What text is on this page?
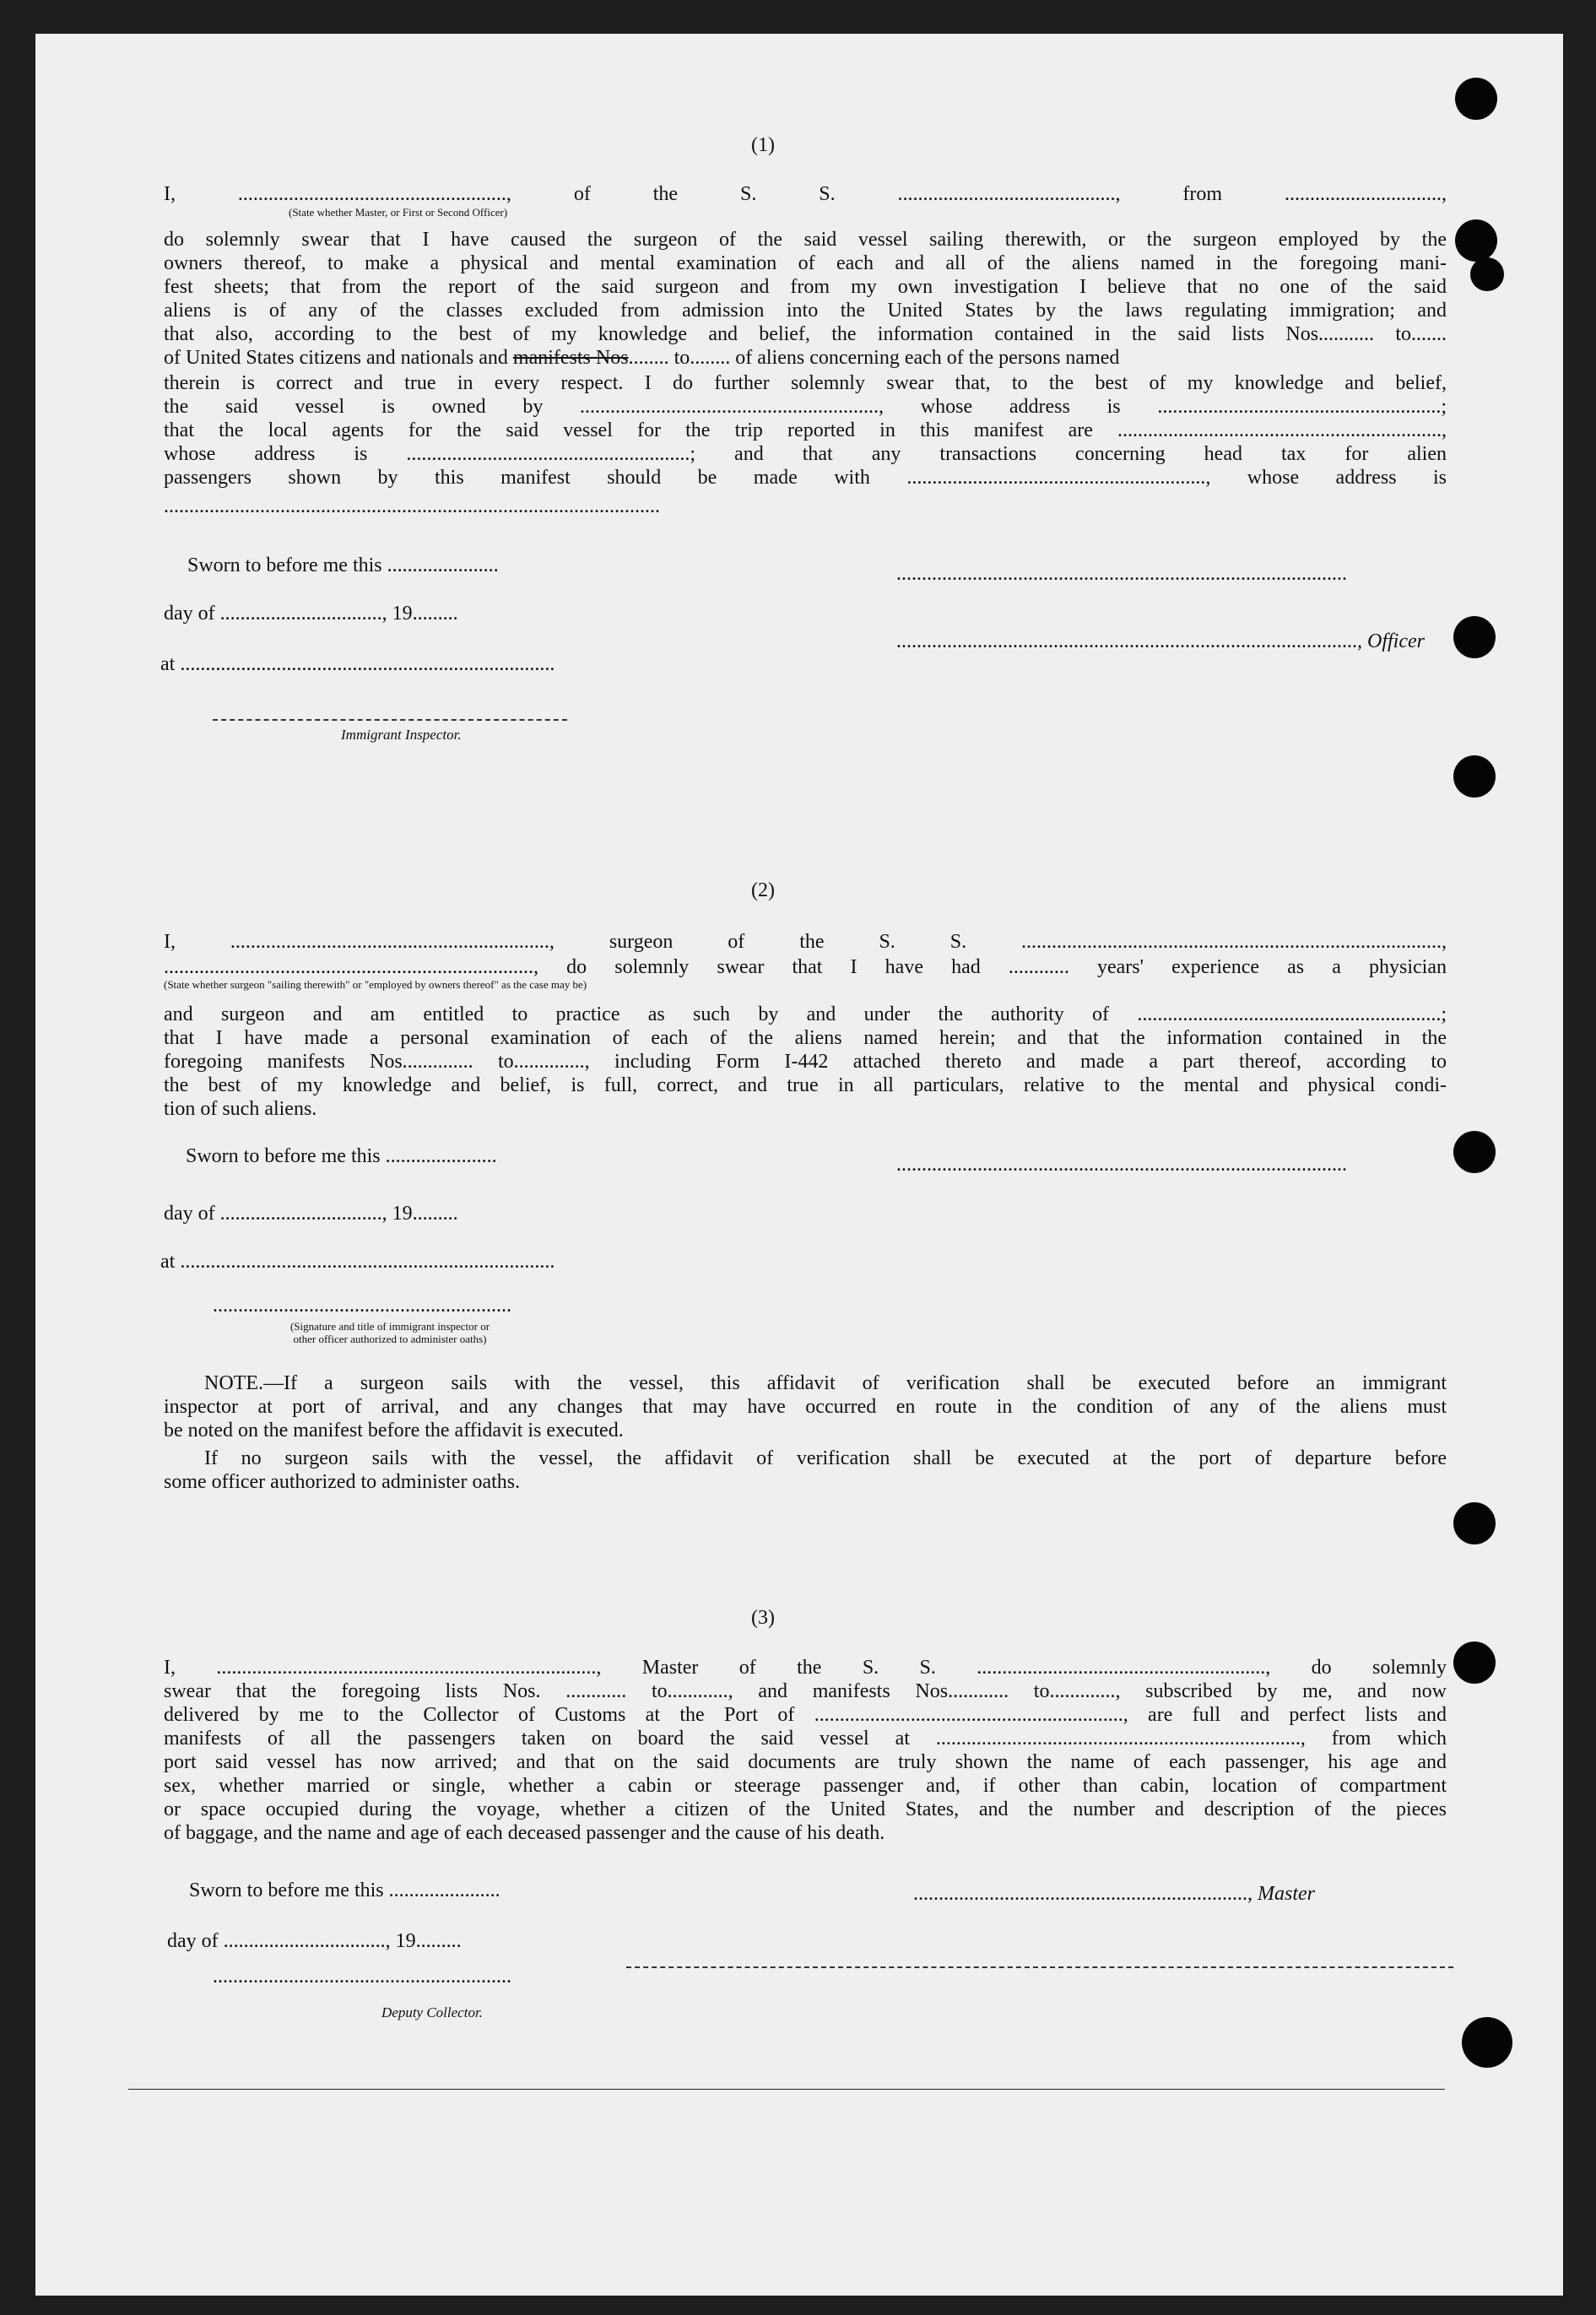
(1)
I, ....................................................., of the S. S. ..........................................., from ...............................,
(State whether Master, or First or Second Officer)
do solemnly swear that I have caused the surgeon of the said vessel sailing therewith, or the surgeon employed by the
owners thereof, to make a physical and mental examination of each and all of the aliens named in the foregoing mani-
fest sheets; that from the report of the said surgeon and from my own investigation I believe that no one of the said
aliens is of any of the classes excluded from admission into the United States by the laws regulating immigration; and
that also, according to the best of my knowledge and belief, the information contained in the said lists Nos........... to.......
of United States citizens and nationals and manifests Nos........ to........ of aliens concerning each of the persons named
therein is correct and true in every respect. I do further solemnly swear that, to the best of my knowledge and belief,
the said vessel is owned by ..........................................................., whose address is ........................................................;
that the local agents for the said vessel for the trip reported in this manifest are ................................................................,
whose address is ........................................................; and that any transactions concerning head tax for alien
passengers shown by this manifest should be made with ..........................................................., whose address is
..................................................................................................
Sworn to before me this ......................	.........................................................................................
day of ................................, 19.........
..........................................................................................., Officer
at ..........................................................................
Immigrant Inspector.
(2)
I, ..............................................................., surgeon of the S. S. ...................................................................................,
........................................................................., do solemnly swear that I have had ............ years' experience as a physician
(State whether surgeon "sailing therewith" or "employed by owners thereof" as the case may be)
and surgeon and am entitled to practice as such by and under the authority of ............................................................;
that I have made a personal examination of each of the aliens named herein; and that the information contained in the
foregoing manifests Nos.............. to.............., including Form I-442 attached thereto and made a part thereof, according to
the best of my knowledge and belief, is full, correct, and true in all particulars, relative to the mental and physical condi-
tion of such aliens.
Sworn to before me this ......................	.........................................................................................
day of ................................, 19.........
at ..........................................................................
...........................................................
(Signature and title of immigrant inspector or
other officer authorized to administer oaths)
NOTE.—If a surgeon sails with the vessel, this affidavit of verification shall be executed before an immigrant
inspector at port of arrival, and any changes that may have occurred en route in the condition of any of the aliens must
be noted on the manifest before the affidavit is executed.
If no surgeon sails with the vessel, the affidavit of verification shall be executed at the port of departure before
some officer authorized to administer oaths.
(3)
I, ..........................................................................., Master of the S. S. ........................................................., do solemnly
swear that the foregoing lists Nos. ............ to............, and manifests Nos............ to............., subscribed by me, and now
delivered by me to the Collector of Customs at the Port of ............................................................., are full and perfect lists and
manifests of all the passengers taken on board the said vessel at ........................................................................, from which
port said vessel has now arrived; and that on the said documents are truly shown the name of each passenger, his age and
sex, whether married or single, whether a cabin or steerage passenger and, if other than cabin, location of compartment
or space occupied during the voyage, whether a citizen of the United States, and the number and description of the pieces
of baggage, and the name and age of each deceased passenger and the cause of his death.
Sworn to before me this ......................	.................................................................., Master
day of ................................, 19.........
...........................................................
Deputy Collector.
